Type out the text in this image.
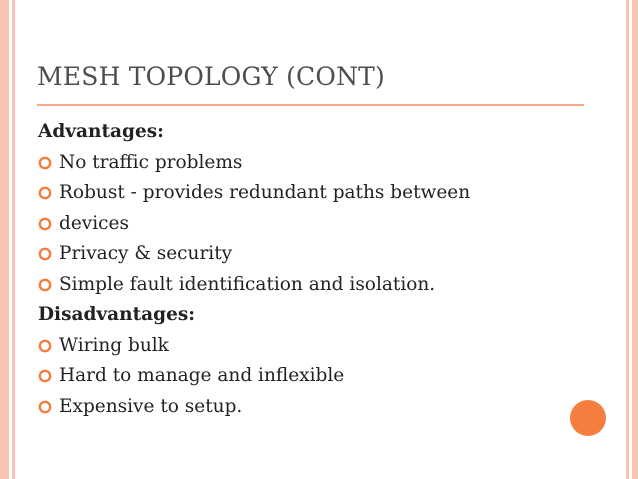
MESH TOPOLOGY (CONT)
Advantages:
No traffic problems
Robust - provides redundant paths between
devices
Privacy & security
Simple fault identification and isolation.
Disadvantages:
Wiring bulk
Hard to manage and inflexible
Expensive to setup.
